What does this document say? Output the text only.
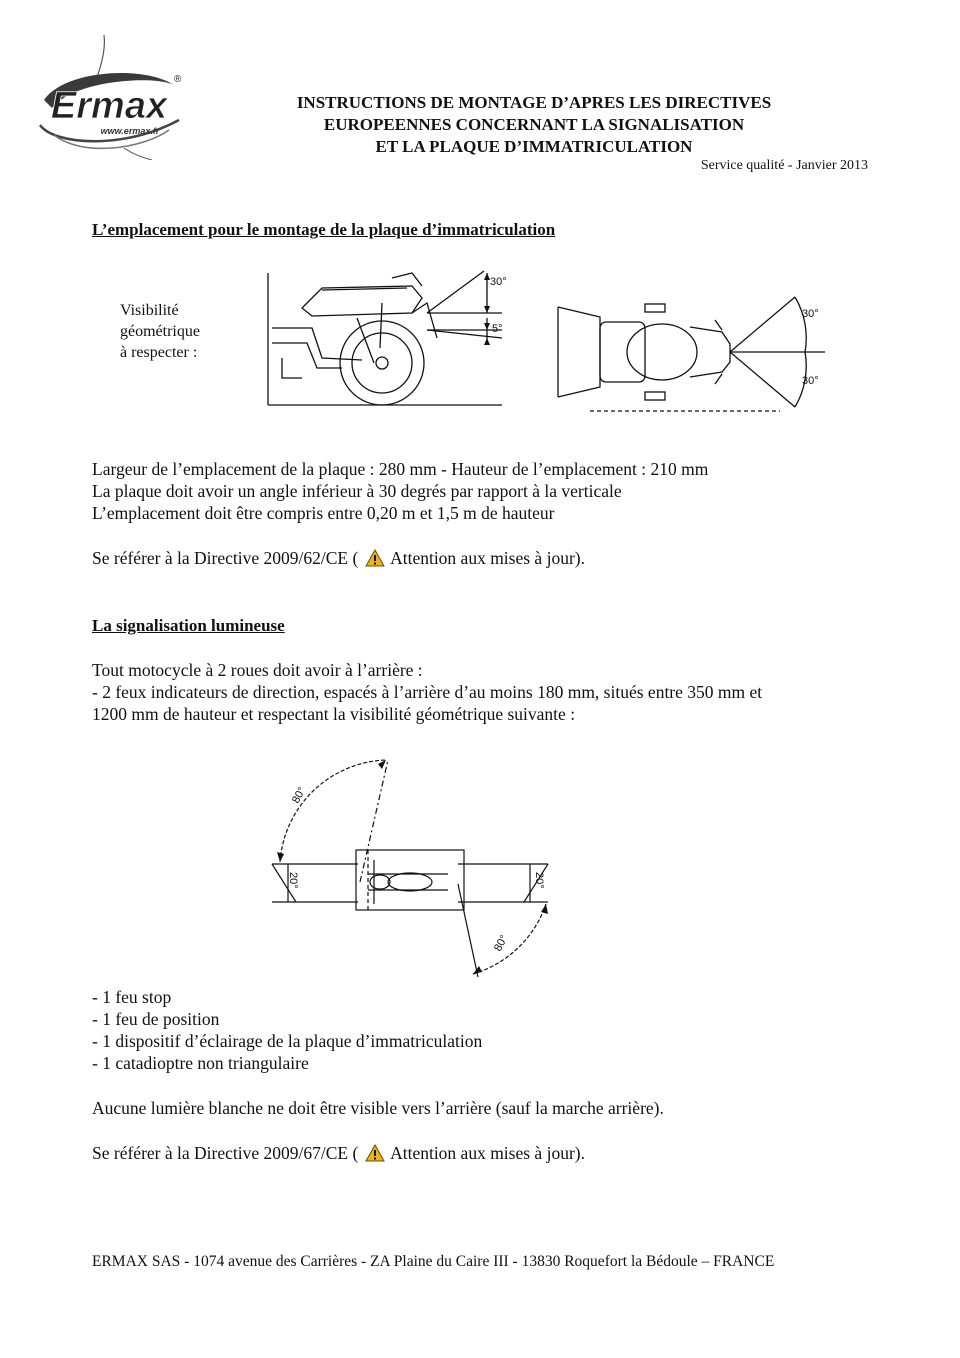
Ermax
®
www.ermax.fr
INSTRUCTIONS DE MONTAGE D’APRES LES DIRECTIVES
EUROPEENNES CONCERNANT LA SIGNALISATION
ET LA PLAQUE D’IMMATRICULATION
Service qualité - Janvier 2013
L’emplacement pour le montage de la plaque d’immatriculation
Visibilité
géométrique
à respecter :
30°
5°
30°
30°
Largeur de l’emplacement de la plaque : 280 mm - Hauteur de l’emplacement : 210 mm
La plaque doit avoir un angle inférieur à 30 degrés par rapport à la verticale
L’emplacement doit être compris entre 0,20 m et 1,5 m de hauteur
Se référer à la Directive 2009/62/CE ( Attention aux mises à jour).
La signalisation lumineuse
Tout motocycle à 2 roues doit avoir à l’arrière :
- 2 feux indicateurs de direction, espacés à l’arrière d’au moins 180 mm, situés entre 350 mm et
1200 mm de hauteur et respectant la visibilité géométrique suivante :
80°
20°	20°
80°
- 1 feu stop
- 1 feu de position
- 1 dispositif d’éclairage de la plaque d’immatriculation
- 1 catadioptre non triangulaire
Aucune lumière blanche ne doit être visible vers l’arrière (sauf la marche arrière).
Se référer à la Directive 2009/67/CE ( Attention aux mises à jour).
ERMAX SAS - 1074 avenue des Carrières - ZA Plaine du Caire III - 13830 Roquefort la Bédoule – FRANCE
